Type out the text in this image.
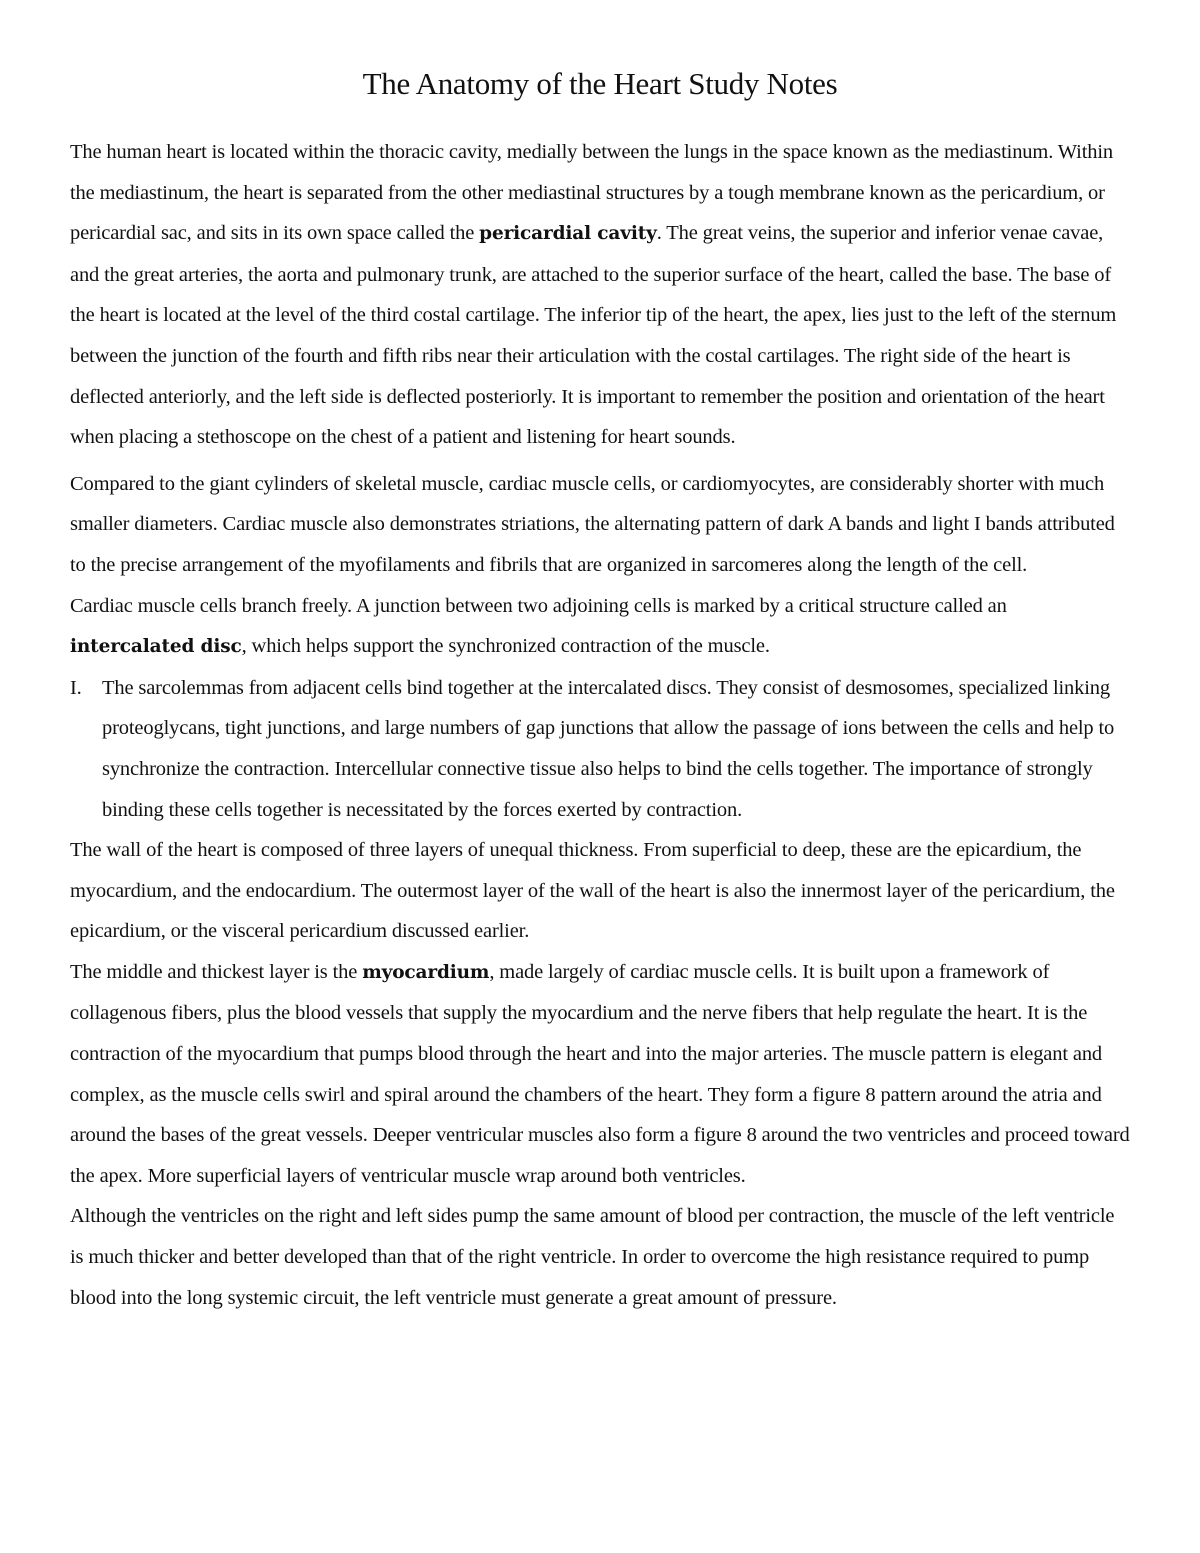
The Anatomy of the Heart Study Notes

The human heart is located within the thoracic cavity, medially between the lungs in the space known as the mediastinum. Within the mediastinum, the heart is separated from the other mediastinal structures by a tough membrane known as the pericardium, or pericardial sac, and sits in its own space called the pericardial cavity. The great veins, the superior and inferior venae cavae, and the great arteries, the aorta and pulmonary trunk, are attached to the superior surface of the heart, called the base. The base of the heart is located at the level of the third costal cartilage. The inferior tip of the heart, the apex, lies just to the left of the sternum between the junction of the fourth and fifth ribs near their articulation with the costal cartilages. The right side of the heart is deflected anteriorly, and the left side is deflected posteriorly. It is important to remember the position and orientation of the heart when placing a stethoscope on the chest of a patient and listening for heart sounds.

Compared to the giant cylinders of skeletal muscle, cardiac muscle cells, or cardiomyocytes, are considerably shorter with much smaller diameters. Cardiac muscle also demonstrates striations, the alternating pattern of dark A bands and light I bands attributed to the precise arrangement of the myofilaments and fibrils that are organized in sarcomeres along the length of the cell.

Cardiac muscle cells branch freely. A junction between two adjoining cells is marked by a critical structure called an intercalated disc, which helps support the synchronized contraction of the muscle.

I. The sarcolemmas from adjacent cells bind together at the intercalated discs. They consist of desmosomes, specialized linking proteoglycans, tight junctions, and large numbers of gap junctions that allow the passage of ions between the cells and help to synchronize the contraction. Intercellular connective tissue also helps to bind the cells together. The importance of strongly binding these cells together is necessitated by the forces exerted by contraction.

The wall of the heart is composed of three layers of unequal thickness. From superficial to deep, these are the epicardium, the myocardium, and the endocardium. The outermost layer of the wall of the heart is also the innermost layer of the pericardium, the epicardium, or the visceral pericardium discussed earlier.

The middle and thickest layer is the myocardium, made largely of cardiac muscle cells. It is built upon a framework of collagenous fibers, plus the blood vessels that supply the myocardium and the nerve fibers that help regulate the heart. It is the contraction of the myocardium that pumps blood through the heart and into the major arteries. The muscle pattern is elegant and complex, as the muscle cells swirl and spiral around the chambers of the heart. They form a figure 8 pattern around the atria and around the bases of the great vessels. Deeper ventricular muscles also form a figure 8 around the two ventricles and proceed toward the apex. More superficial layers of ventricular muscle wrap around both ventricles.

Although the ventricles on the right and left sides pump the same amount of blood per contraction, the muscle of the left ventricle is much thicker and better developed than that of the right ventricle. In order to overcome the high resistance required to pump blood into the long systemic circuit, the left ventricle must generate a great amount of pressure.
